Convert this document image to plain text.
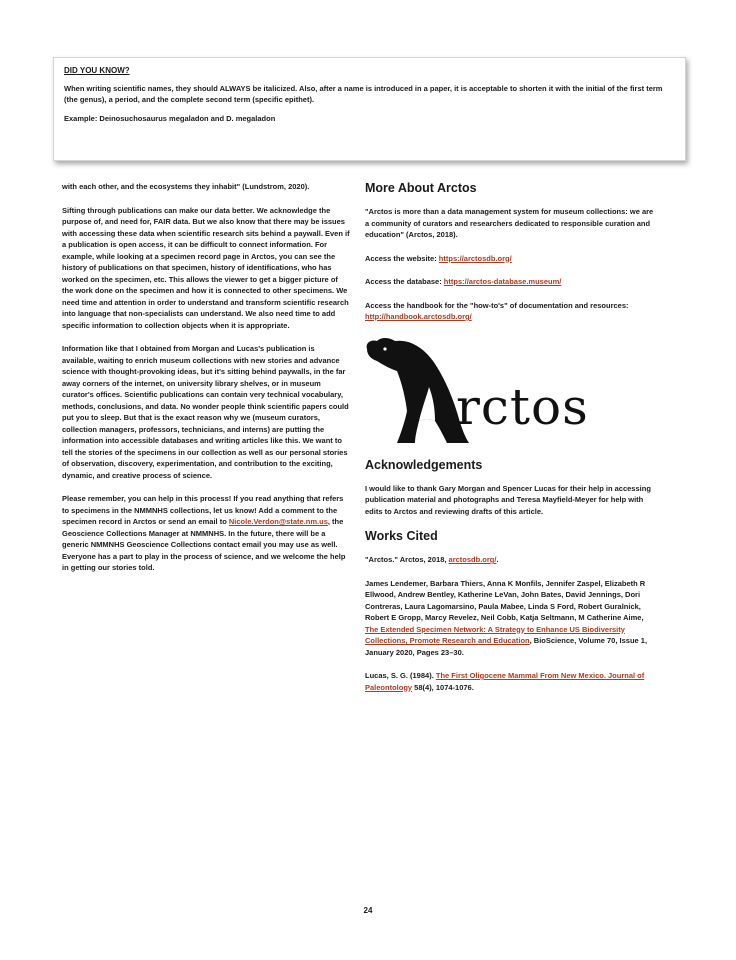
DID YOU KNOW?
When writing scientific names, they should ALWAYS be italicized. Also, after a name is introduced in a paper, it is acceptable to shorten it with the initial of the first term (the genus), a period, and the complete second term (specific epithet).
Example: Deinosuchosaurus megaladon and D. megaladon

with each other, and the ecosystems they inhabit" (Lundstrom, 2020).

Sifting through publications can make our data better. We acknowledge the purpose of, and need for, FAIR data. But we also know that there may be issues with accessing these data when scientific research sits behind a paywall. Even if a publication is open access, it can be difficult to connect information. For example, while looking at a specimen record page in Arctos, you can see the history of publications on that specimen, history of identifications, who has worked on the specimen, etc. This allows the viewer to get a bigger picture of the work done on the specimen and how it is connected to other specimens. We need time and attention in order to understand and transform scientific research into language that non-specialists can understand. We also need time to add specific information to collection objects when it is appropriate.

Information like that I obtained from Morgan and Lucas's publication is available, waiting to enrich museum collections with new stories and advance science with thought-provoking ideas, but it's sitting behind paywalls, in the far away corners of the internet, on university library shelves, or in museum curator's offices. Scientific publications can contain very technical vocabulary, methods, conclusions, and data. No wonder people think scientific papers could put you to sleep. But that is the exact reason why we (museum curators, collection managers, professors, technicians, and interns) are putting the information into accessible databases and writing articles like this. We want to tell the stories of the specimens in our collection as well as our personal stories of observation, discovery, experimentation, and contribution to the exciting, dynamic, and creative process of science.

Please remember, you can help in this process! If you read anything that refers to specimens in the NMMNHS collections, let us know! Add a comment to the specimen record in Arctos or send an email to Nicole.Verdon@state.nm.us, the Geoscience Collections Manager at NMMNHS. In the future, there will be a generic NMMNHS Geoscience Collections contact email you may use as well. Everyone has a part to play in the process of science, and we welcome the help in getting our stories told.

More About Arctos

"Arctos is more than a data management system for museum collections: we are a community of curators and researchers dedicated to responsible curation and education" (Arctos, 2018).

Access the website: https://arctosdb.org/

Access the database: https://arctos-database.museum/

Access the handbook for the "how-to's" of documentation and resources: http://handbook.arctosdb.org/

rctos
Acknowledgements

I would like to thank Gary Morgan and Spencer Lucas for their help in accessing publication material and photographs and Teresa Mayfield-Meyer for help with edits to Arctos and reviewing drafts of this article.

Works Cited

"Arctos." Arctos, 2018, arctosdb.org/.

James Lendemer, Barbara Thiers, Anna K Monfils, Jennifer Zaspel, Elizabeth R Ellwood, Andrew Bentley, Katherine LeVan, John Bates, David Jennings, Dori Contreras, Laura Lagomarsino, Paula Mabee, Linda S Ford, Robert Guralnick, Robert E Gropp, Marcy Revelez, Neil Cobb, Katja Seltmann, M Catherine Aime, The Extended Specimen Network: A Strategy to Enhance US Biodiversity Collections, Promote Research and Education, BioScience, Volume 70, Issue 1, January 2020, Pages 23–30.

Lucas, S. G. (1984). The First Oligocene Mammal From New Mexico. Journal of Paleontology 58(4), 1074-1076.

24
